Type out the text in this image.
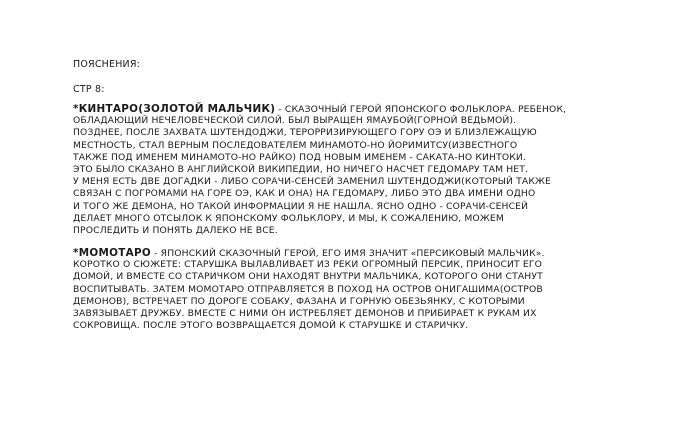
ПОЯСНЕНИЯ:
СТР 8:
*КИНТАРО(ЗОЛОТОЙ МАЛЬЧИК) - СКАЗОЧНЫЙ ГЕРОЙ ЯПОНСКОГО ФОЛЬКЛОРА. РЕБЕНОК,
ОБЛАДАЮЩИЙ НЕЧЕЛОВЕЧЕСКОЙ СИЛОЙ. БЫЛ ВЫРАЩЕН ЯМАУБОЙ(ГОРНОЙ ВЕДЬМОЙ).
ПОЗДНЕЕ, ПОСЛЕ ЗАХВАТА ШУТЕНДОДЖИ, ТЕРОРРИЗИРУЮЩЕГО ГОРУ ОЭ И БЛИЗЛЕЖАЩУЮ
МЕСТНОСТЬ, СТАЛ ВЕРНЫМ ПОСЛЕДОВАТЕЛЕМ МИНАМОТО-НО ЙОРИМИТСУ(ИЗВЕСТНОГО
ТАКЖЕ ПОД ИМЕНЕМ МИНАМОТО-НО РАЙКО) ПОД НОВЫМ ИМЕНЕМ - САКАТА-НО КИНТОКИ.
ЭТО БЫЛО СКАЗАНО В АНГЛИЙСКОЙ ВИКИПЕДИИ, НО НИЧЕГО НАСЧЕТ ГЕДОМАРУ ТАМ НЕТ.
У МЕНЯ ЕСТЬ ДВЕ ДОГАДКИ - ЛИБО СОРАЧИ-СЕНСЕЙ ЗАМЕНИЛ ШУТЕНДОДЖИ(КОТОРЫЙ ТАКЖЕ
СВЯЗАН С ПОГРОМАМИ НА ГОРЕ ОЭ, КАК И ОНА) НА ГЕДОМАРУ, ЛИБО ЭТО ДВА ИМЕНИ ОДНО
И ТОГО ЖЕ ДЕМОНА, НО ТАКОЙ ИНФОРМАЦИИ Я НЕ НАШЛА. ЯСНО ОДНО - СОРАЧИ-СЕНСЕЙ
ДЕЛАЕТ МНОГО ОТСЫЛОК К ЯПОНСКОМУ ФОЛЬКЛОРУ, И МЫ, К СОЖАЛЕНИЮ, МОЖЕМ
ПРОСЛЕДИТЬ И ПОНЯТЬ ДАЛЕКО НЕ ВСЕ.
*МОМОТАРО - ЯПОНСКИЙ СКАЗОЧНЫЙ ГЕРОЙ, ЕГО ИМЯ ЗНАЧИТ «ПЕРСИКОВЫЙ МАЛЬЧИК».
КОРОТКО О СЮЖЕТЕ: СТАРУШКА ВЫЛАВЛИВАЕТ ИЗ РЕКИ ОГРОМНЫЙ ПЕРСИК, ПРИНОСИТ ЕГО
ДОМОЙ, И ВМЕСТЕ СО СТАРИЧКОМ ОНИ НАХОДЯТ ВНУТРИ МАЛЬЧИКА, КОТОРОГО ОНИ СТАНУТ
ВОСПИТЫВАТЬ. ЗАТЕМ МОМОТАРО ОТПРАВЛЯЕТСЯ В ПОХОД НА ОСТРОВ ОНИГАШИМА(ОСТРОВ
ДЕМОНОВ), ВСТРЕЧАЕТ ПО ДОРОГЕ СОБАКУ, ФАЗАНА И ГОРНУЮ ОБЕЗЬЯНКУ, С КОТОРЫМИ
ЗАВЯЗЫВАЕТ ДРУЖБУ. ВМЕСТЕ С НИМИ ОН ИСТРЕБЛЯЕТ ДЕМОНОВ И ПРИБИРАЕТ К РУКАМ ИХ
СОКРОВИЩА. ПОСЛЕ ЭТОГО ВОЗВРАЩАЕТСЯ ДОМОЙ К СТАРУШКЕ И СТАРИЧКУ.
